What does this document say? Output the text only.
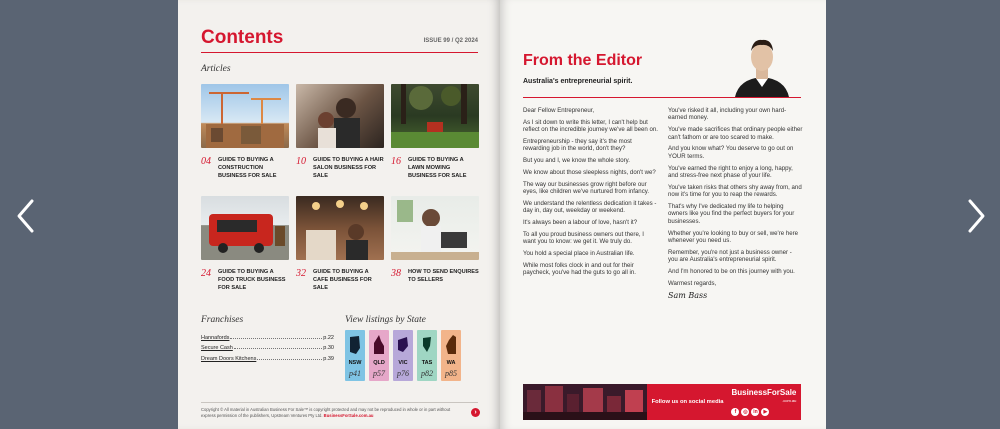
Contents	ISSUE 99 / Q2 2024
Articles
04	GUIDE TO BUYING A CONSTRUCTION BUSINESS FOR SALE
10	GUIDE TO BUYING A HAIR SALON BUSINESS FOR SALE
16	GUIDE TO BUYING A LAWN MOWING BUSINESS FOR SALE
24	GUIDE TO BUYING A FOOD TRUCK BUSINESS FOR SALE
32	GUIDE TO BUYING A CAFE BUSINESS FOR SALE
38	HOW TO SEND ENQUIRES TO SELLERS
Franchises
Hannafords	p.22
Secure Cash	p.30
Dream Doors Kitchens	p.39
View listings by State
NSW
p41
QLD
p57
VIC
p76
TAS
p82
WA
p85
Copyright © All material in Australian Business For Sale™ is copyright protected and may not be reproduced in whole or in part without express permission of the publishers, Upstream Ventures Pty Ltd. BusinessForSale.com.au	›
From the Editor
Australia's entrepreneurial spirit.

Dear Fellow Entrepreneur,

As I sit down to write this letter, I can't help but reflect on the incredible journey we've all been on.

Entrepreneurship - they say it's the most rewarding job in the world, don't they?

But you and I, we know the whole story.

We know about those sleepless nights, don't we?

The way our businesses grow right before our eyes, like children we've nurtured from infancy.

We understand the relentless dedication it takes - day in, day out, weekday or weekend.

It's always been a labour of love, hasn't it?

To all you proud business owners out there, I want you to know: we get it. We truly do.

You hold a special place in Australian life.

While most folks clock in and out for their paycheck, you've had the guts to go all in.

You've risked it all, including your own hard-earned money.

You've made sacrifices that ordinary people either can't fathom or are too scared to make.

And you know what? You deserve to go out on YOUR terms.

You've earned the right to enjoy a long, happy, and stress-free next phase of your life.

You've taken risks that others shy away from, and now it's time for you to reap the rewards.

That's why I've dedicated my life to helping owners like you find the perfect buyers for your businesses.

Whether you're looking to buy or sell, we're here whenever you need us.

Remember, you're not just a business owner - you are Australia's entrepreneurial spirit.

And I'm honored to be on this journey with you.

Warmest regards,

Sam Bass

Follow us on social media
BusinessForSale
.com.au
f	◎	in	▶
